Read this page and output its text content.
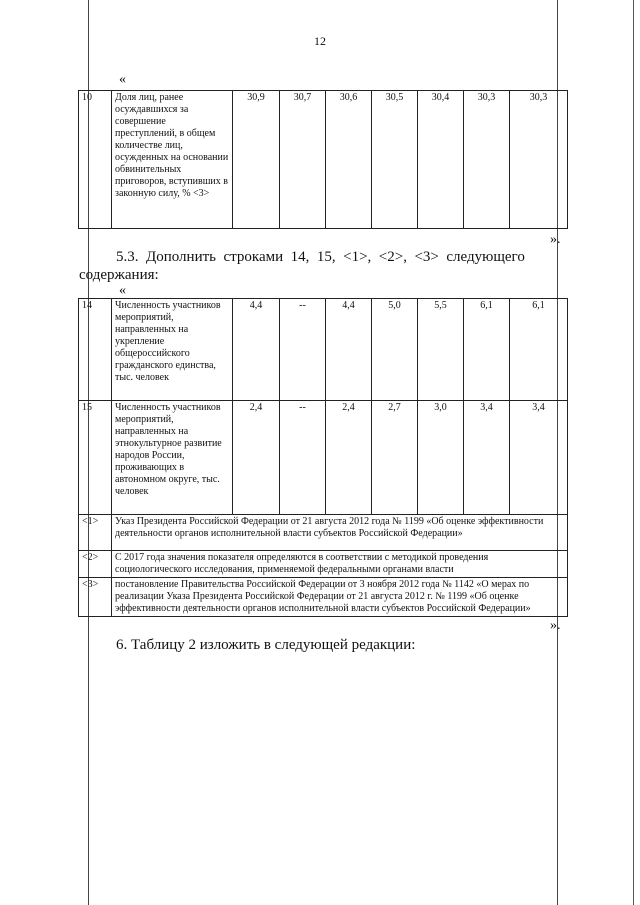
12
«
10	Доля лиц, ранее осуждавшихся за совершение преступлений, в общем количестве лиц, осужденных на основании обвинительных приговоров, вступивших в законную силу, % <3>	30,9	30,7	30,6	30,5	30,4	30,3	30,3
».
5.3.  Дополнить  строками  14,  15,  <1>,  <2>,  <3>  следующего
содержания:
«
14	Численность участников мероприятий, направленных на укрепление общероссийского гражданского единства, тыс. человек	4,4	--	4,4	5,0	5,5	6,1	6,1
15	Численность участников мероприятий, направленных на этнокультурное развитие народов России, проживающих в автономном округе, тыс. человек	2,4	--	2,4	2,7	3,0	3,4	3,4
<1>	Указ Президента Российской Федерации от 21 августа 2012 года № 1199 «Об оценке эффективности деятельности органов исполнительной власти субъектов Российской Федерации»							
<2>	С 2017 года значения показателя определяются в соответствии с методикой проведения социологического исследования, применяемой федеральными органами власти							
<3>	постановление Правительства Российской Федерации от 3 ноября 2012 года № 1142 «О мерах по реализации Указа Президента Российской Федерации от 21 августа 2012 г. № 1199 «Об оценке эффективности деятельности органов исполнительной власти субъектов Российской Федерации»							
».
6. Таблицу 2 изложить в следующей редакции:
